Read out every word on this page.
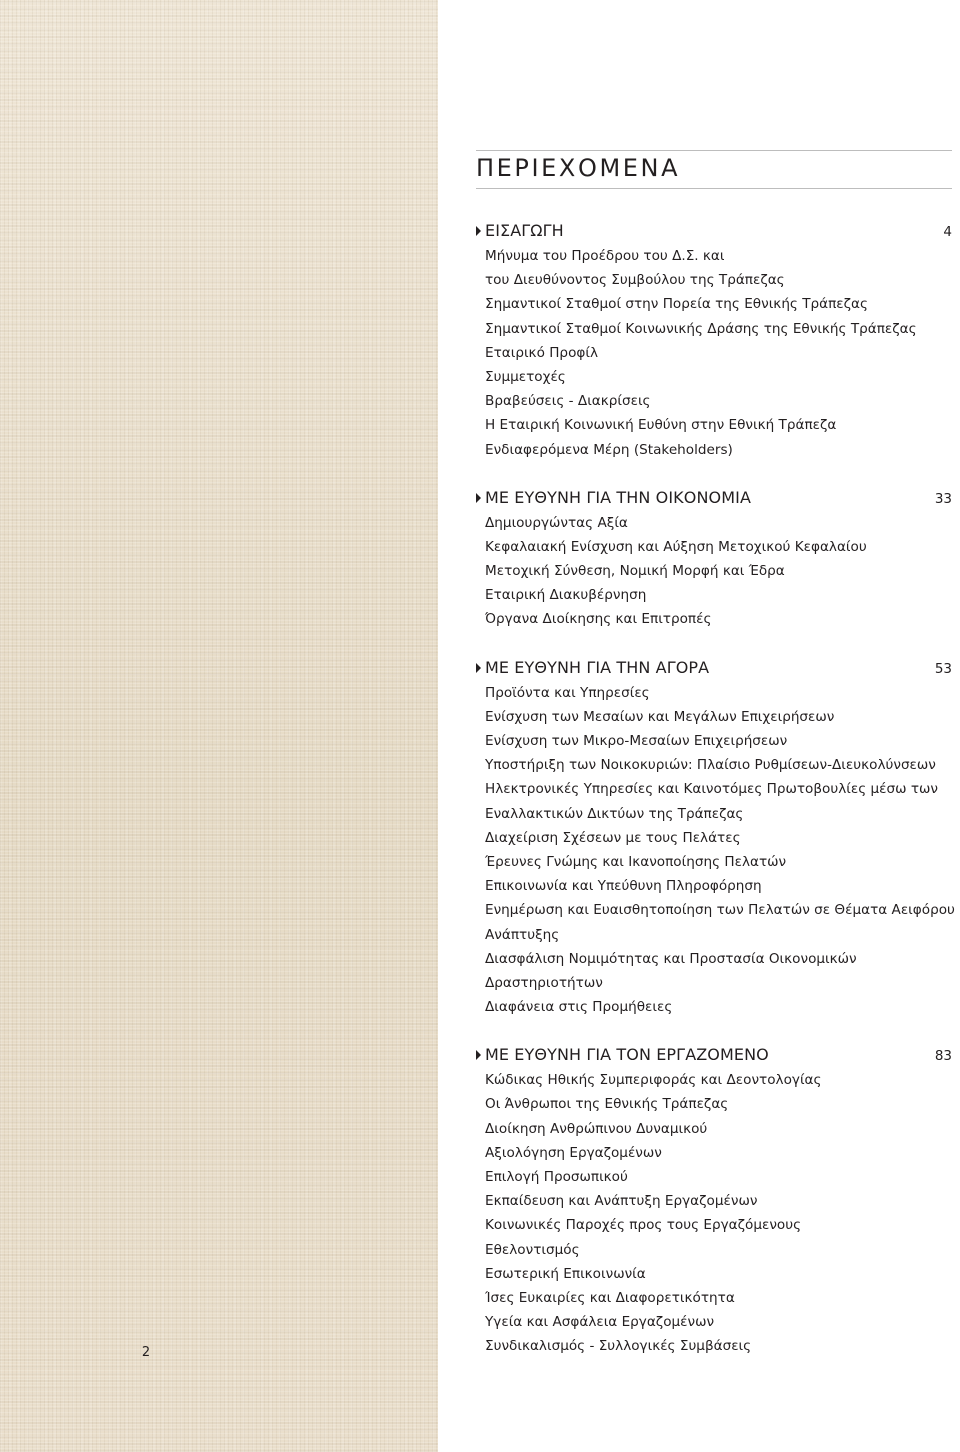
2
ΠΕΡΙΕΧΟΜΕΝΑ
ΕΙΣΑΓΩΓΗ	4
Μήνυμα του Προέδρου του Δ.Σ. και
του Διευθύνοντος Συμβούλου της Τράπεζας
Σημαντικοί Σταθμοί στην Πορεία της Εθνικής Τράπεζας
Σημαντικοί Σταθμοί Κοινωνικής Δράσης της Εθνικής Τράπεζας
Εταιρικό Προφίλ
Συμμετοχές
Βραβεύσεις - Διακρίσεις
Η Εταιρική Κοινωνική Ευθύνη στην Εθνική Τράπεζα
Ενδιαφερόμενα Μέρη (Stakeholders)
ΜΕ ΕΥΘΥΝΗ ΓΙΑ ΤΗΝ ΟΙΚΟΝΟΜΙΑ	33
Δημιουργώντας Αξία
Κεφαλαιακή Ενίσχυση και Αύξηση Μετοχικού Κεφαλαίου
Μετοχική Σύνθεση, Νομική Μορφή και Έδρα
Εταιρική Διακυβέρνηση
Όργανα Διοίκησης και Επιτροπές
ΜΕ ΕΥΘΥΝΗ ΓΙΑ ΤΗΝ ΑΓΟΡΑ	53
Προϊόντα και Υπηρεσίες
Ενίσχυση των Μεσαίων και Μεγάλων Επιχειρήσεων
Ενίσχυση των Μικρο-Μεσαίων Επιχειρήσεων
Υποστήριξη των Νοικοκυριών: Πλαίσιο Ρυθμίσεων-Διευκολύνσεων
Ηλεκτρονικές Υπηρεσίες και Καινοτόμες Πρωτοβουλίες μέσω των
Εναλλακτικών Δικτύων της Τράπεζας
Διαχείριση Σχέσεων με τους Πελάτες
Έρευνες Γνώμης και Ικανοποίησης Πελατών
Επικοινωνία και Υπεύθυνη Πληροφόρηση
Ενημέρωση και Ευαισθητοποίηση των Πελατών σε Θέματα Αειφόρου
Ανάπτυξης
Διασφάλιση Νομιμότητας και Προστασία Οικονομικών
Δραστηριοτήτων
Διαφάνεια στις Προμήθειες
ΜΕ ΕΥΘΥΝΗ ΓΙΑ ΤΟΝ ΕΡΓΑΖΟΜΕΝΟ	83
Κώδικας Ηθικής Συμπεριφοράς και Δεοντολογίας
Οι Άνθρωποι της Εθνικής Τράπεζας
Διοίκηση Ανθρώπινου Δυναμικού
Αξιολόγηση Εργαζομένων
Επιλογή Προσωπικού
Εκπαίδευση και Ανάπτυξη Εργαζομένων
Κοινωνικές Παροχές προς τους Εργαζόμενους
Εθελοντισμός
Εσωτερική Επικοινωνία
Ίσες Ευκαιρίες και Διαφορετικότητα
Υγεία και Ασφάλεια Εργαζομένων
Συνδικαλισμός - Συλλογικές Συμβάσεις
